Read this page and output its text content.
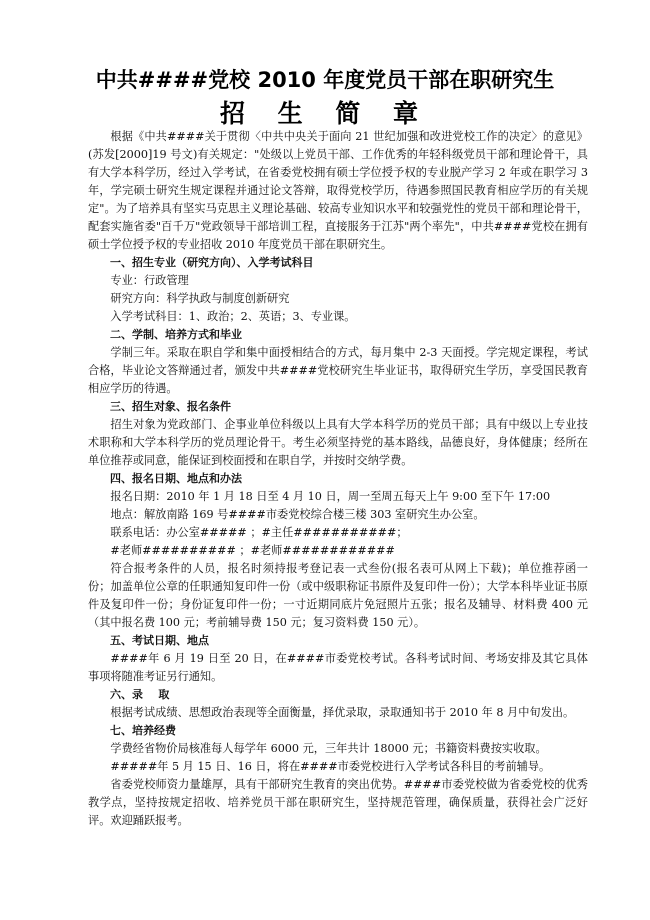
中共####党校 2010 年度党员干部在职研究生
招 生 简 章

根据《中共####关于贯彻〈中共中央关于面向 21 世纪加强和改进党校工作的决定〉的意见》(苏发[2000]19 号文)有关规定："处级以上党员干部、工作优秀的年轻科级党员干部和理论骨干，具有大学本科学历，经过入学考试，在省委党校拥有硕士学位授予权的专业脱产学习 2 年或在职学习 3 年，学完硕士研究生规定课程并通过论文答辩，取得党校学历，待遇参照国民教育相应学历的有关规定"。为了培养具有坚实马克思主义理论基础、较高专业知识水平和较强党性的党员干部和理论骨干，配套实施省委"百千万"党政领导干部培训工程，直接服务于江苏"两个率先"，中共####党校在拥有硕士学位授予权的专业招收 2010 年度党员干部在职研究生。

一、招生专业（研究方向）、入学考试科目

专业：行政管理

研究方向：科学执政与制度创新研究

入学考试科目：1、政治；2、英语；3、专业课。

二、学制、培养方式和毕业

学制三年。采取在职自学和集中面授相结合的方式，每月集中 2-3 天面授。学完规定课程，考试合格，毕业论文答辩通过者，颁发中共####党校研究生毕业证书，取得研究生学历，享受国民教育相应学历的待遇。

三、招生对象、报名条件

招生对象为党政部门、企事业单位科级以上具有大学本科学历的党员干部；具有中级以上专业技术职称和大学本科学历的党员理论骨干。考生必须坚持党的基本路线，品德良好，身体健康；经所在单位推荐或同意，能保证到校面授和在职自学，并按时交纳学费。

四、报名日期、地点和办法

报名日期：2010 年 1 月 18 日至 4 月 10 日，周一至周五每天上午 9:00 至下午 17:00

地点：解放南路 169 号####市委党校综合楼三楼 303 室研究生办公室。

联系电话：办公室##### ；#主任###########；

#老师########## ；#老师############

符合报考条件的人员，报名时须持报考登记表一式叁份(报名表可从网上下载)；单位推荐函一份；加盖单位公章的任职通知复印件一份（或中级职称证书原件及复印件一份）；大学本科毕业证书原件及复印件一份；身份证复印件一份；一寸近期同底片免冠照片五张；报名及辅导、材料费 400 元（其中报名费 100 元；考前辅导费 150 元；复习资料费 150 元）。

五、考试日期、地点

####年 6 月 19 日至 20 日，在####市委党校考试。各科考试时间、考场安排及其它具体事项将随准考证另行通知。

六、录    取

根据考试成绩、思想政治表现等全面衡量，择优录取，录取通知书于 2010 年 8 月中旬发出。

七、培养经费

学费经省物价局核准每人每学年 6000 元，三年共计 18000 元；书籍资料费按实收取。

#####年 5 月 15 日、16 日，将在####市委党校进行入学考试各科目的考前辅导。

省委党校师资力量雄厚，具有干部研究生教育的突出优势。####市委党校做为省委党校的优秀教学点，坚持按规定招收、培养党员干部在职研究生，坚持规范管理，确保质量，获得社会广泛好评。欢迎踊跃报考。
